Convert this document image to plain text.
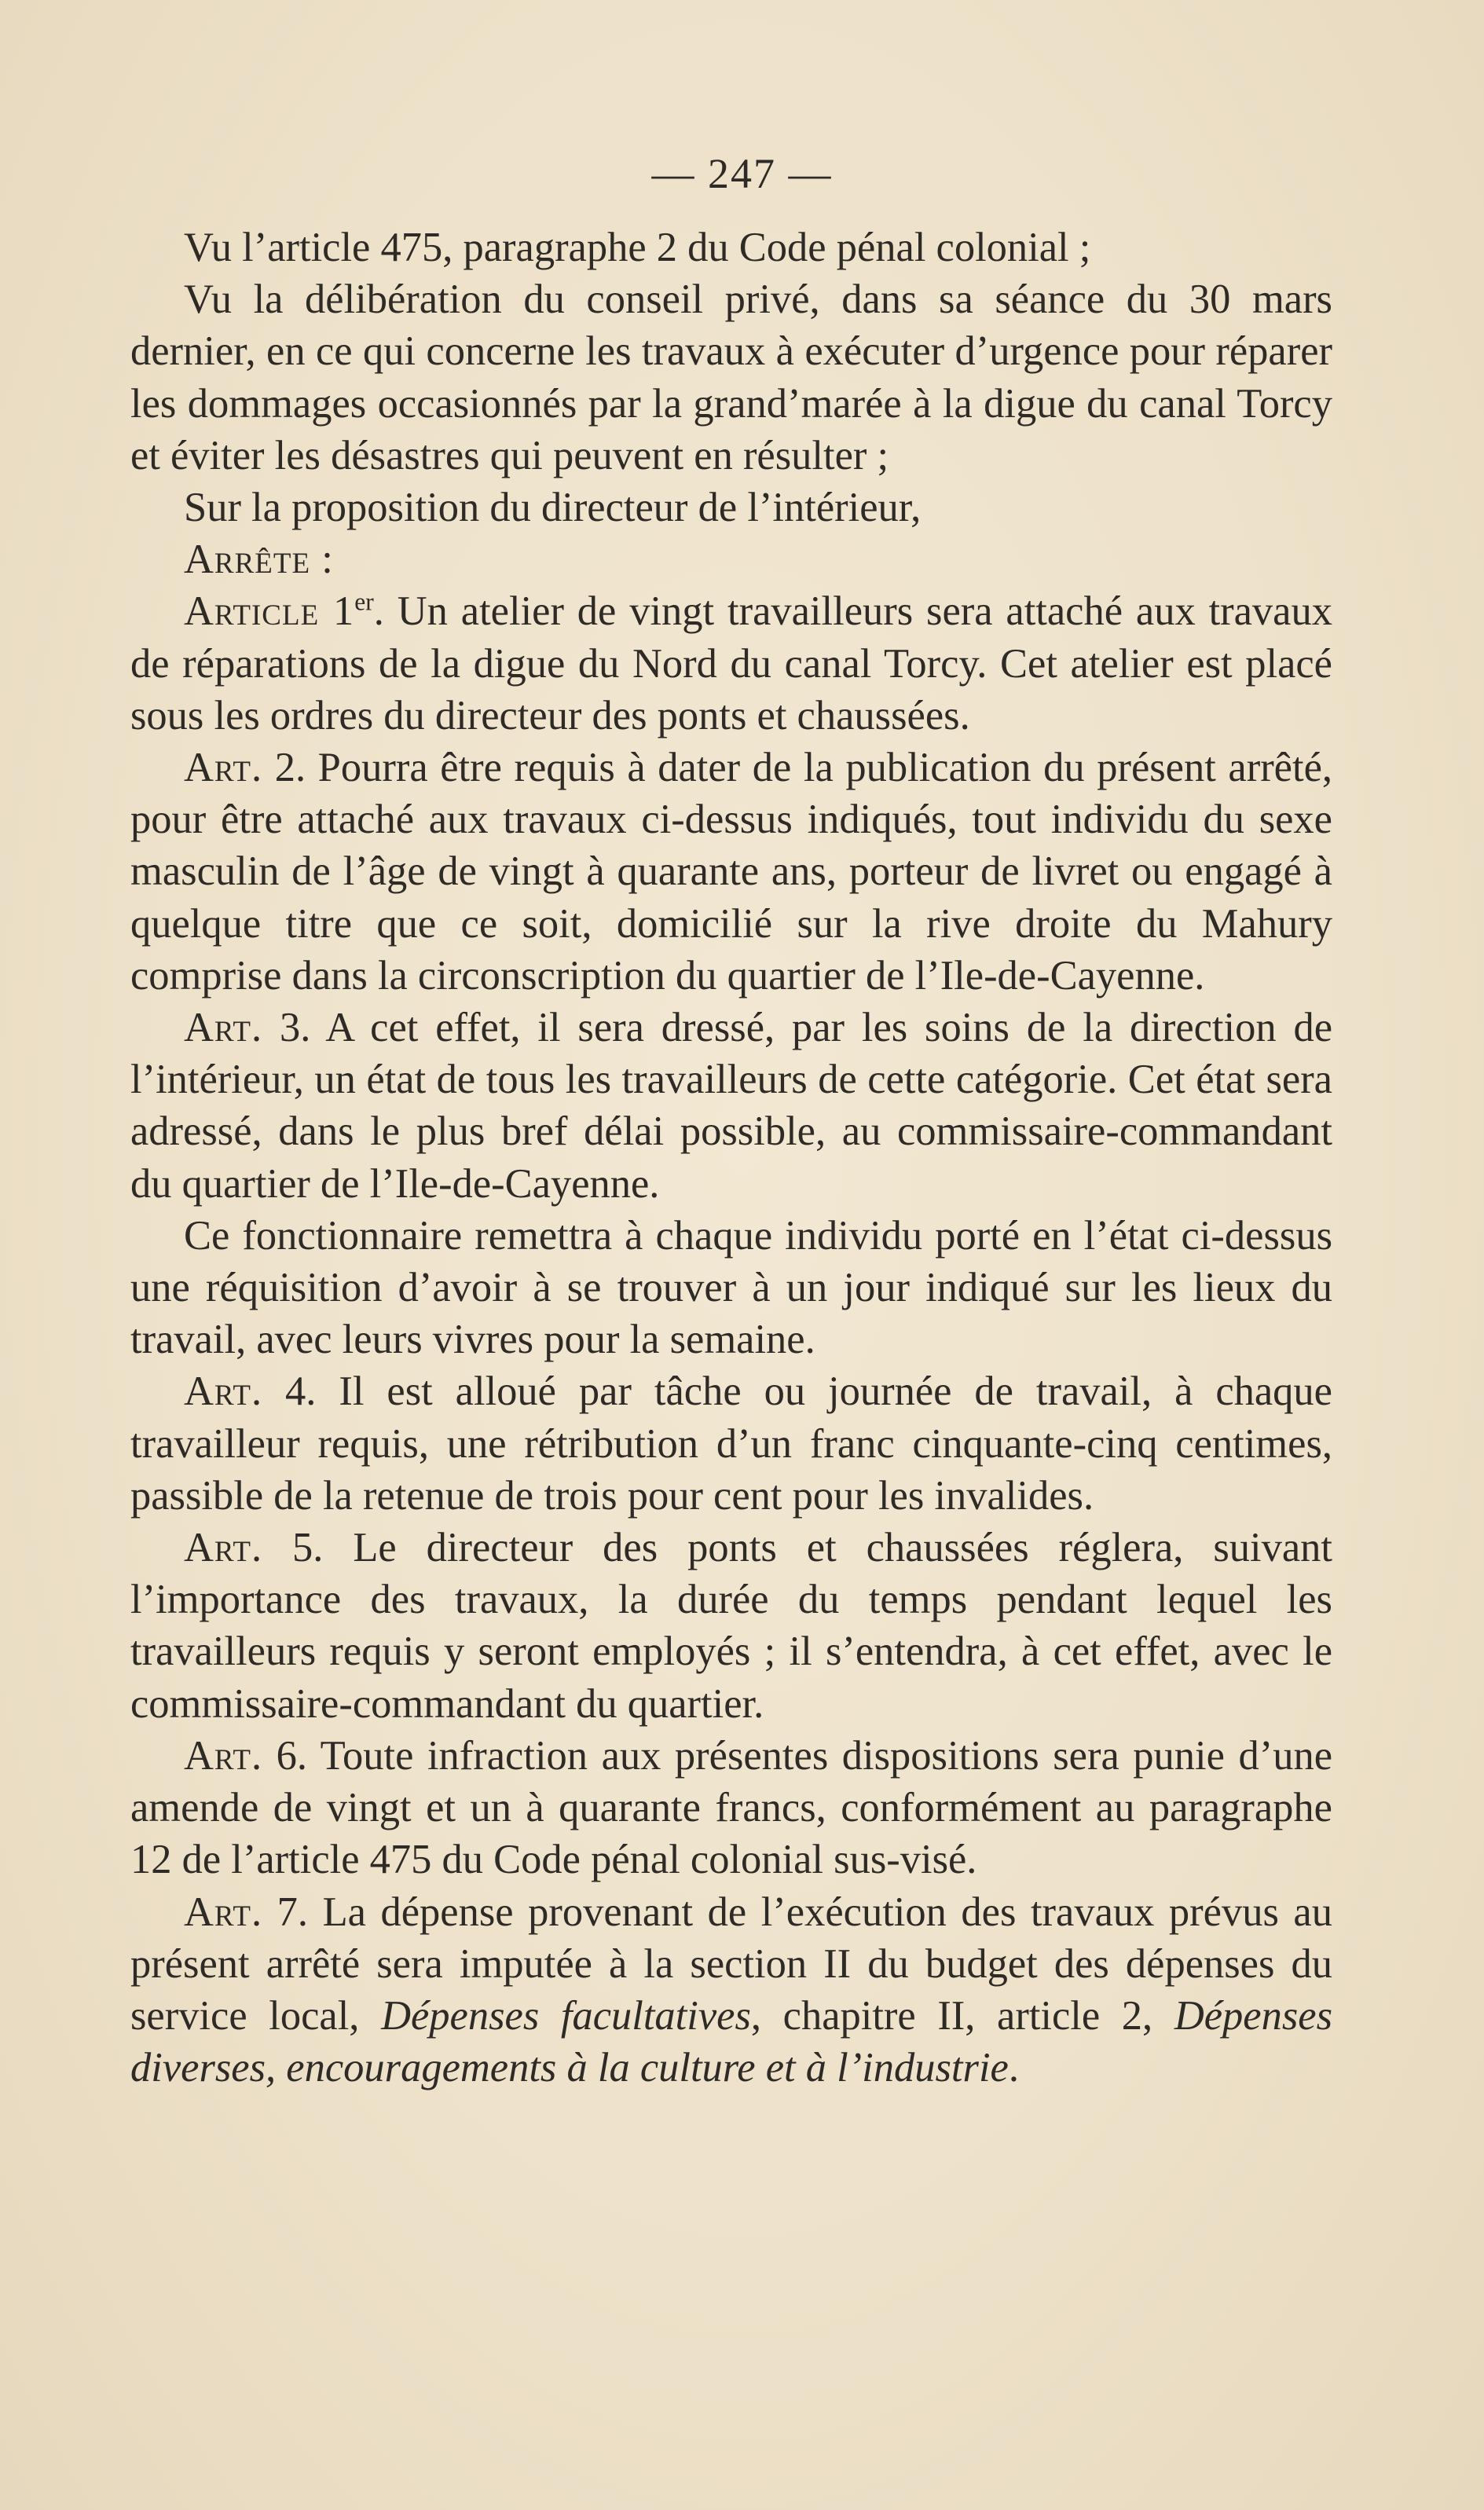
— 247 —

Vu l’article 475, paragraphe 2 du Code pénal colonial ;

Vu la délibération du conseil privé, dans sa séance du 30 mars dernier, en ce qui concerne les travaux à exécuter d’urgence pour réparer les dommages occasionnés par la grand’marée à la digue du canal Torcy et éviter les désastres qui peuvent en résulter ;

Sur la proposition du directeur de l’intérieur,

Arrête :

Article 1er. Un atelier de vingt travailleurs sera attaché aux travaux de réparations de la digue du Nord du canal Torcy. Cet atelier est placé sous les ordres du directeur des ponts et chaussées.

Art. 2. Pourra être requis à dater de la publication du présent arrêté, pour être attaché aux travaux ci-dessus indiqués, tout individu du sexe masculin de l’âge de vingt à quarante ans, porteur de livret ou engagé à quelque titre que ce soit, domicilié sur la rive droite du Mahury comprise dans la circonscription du quartier de l’Ile-de-Cayenne.

Art. 3. A cet effet, il sera dressé, par les soins de la direction de l’intérieur, un état de tous les travailleurs de cette catégorie. Cet état sera adressé, dans le plus bref délai possible, au commissaire-commandant du quartier de l’Ile-de-Cayenne.

Ce fonctionnaire remettra à chaque individu porté en l’état ci-dessus une réquisition d’avoir à se trouver à un jour indiqué sur les lieux du travail, avec leurs vivres pour la semaine.

Art. 4. Il est alloué par tâche ou journée de travail, à chaque travailleur requis, une rétribution d’un franc cinquante-cinq centimes, passible de la retenue de trois pour cent pour les invalides.

Art. 5. Le directeur des ponts et chaussées réglera, suivant l’importance des travaux, la durée du temps pendant lequel les travailleurs requis y seront employés ; il s’entendra, à cet effet, avec le commissaire-commandant du quartier.

Art. 6. Toute infraction aux présentes dispositions sera punie d’une amende de vingt et un à quarante francs, conformément au paragraphe 12 de l’article 475 du Code pénal colonial sus-visé.

Art. 7. La dépense provenant de l’exécution des travaux prévus au présent arrêté sera imputée à la section II du budget des dépenses du service local, Dépenses facultatives, chapitre II, article 2, Dépenses diverses, encouragements à la culture et à l’industrie.
